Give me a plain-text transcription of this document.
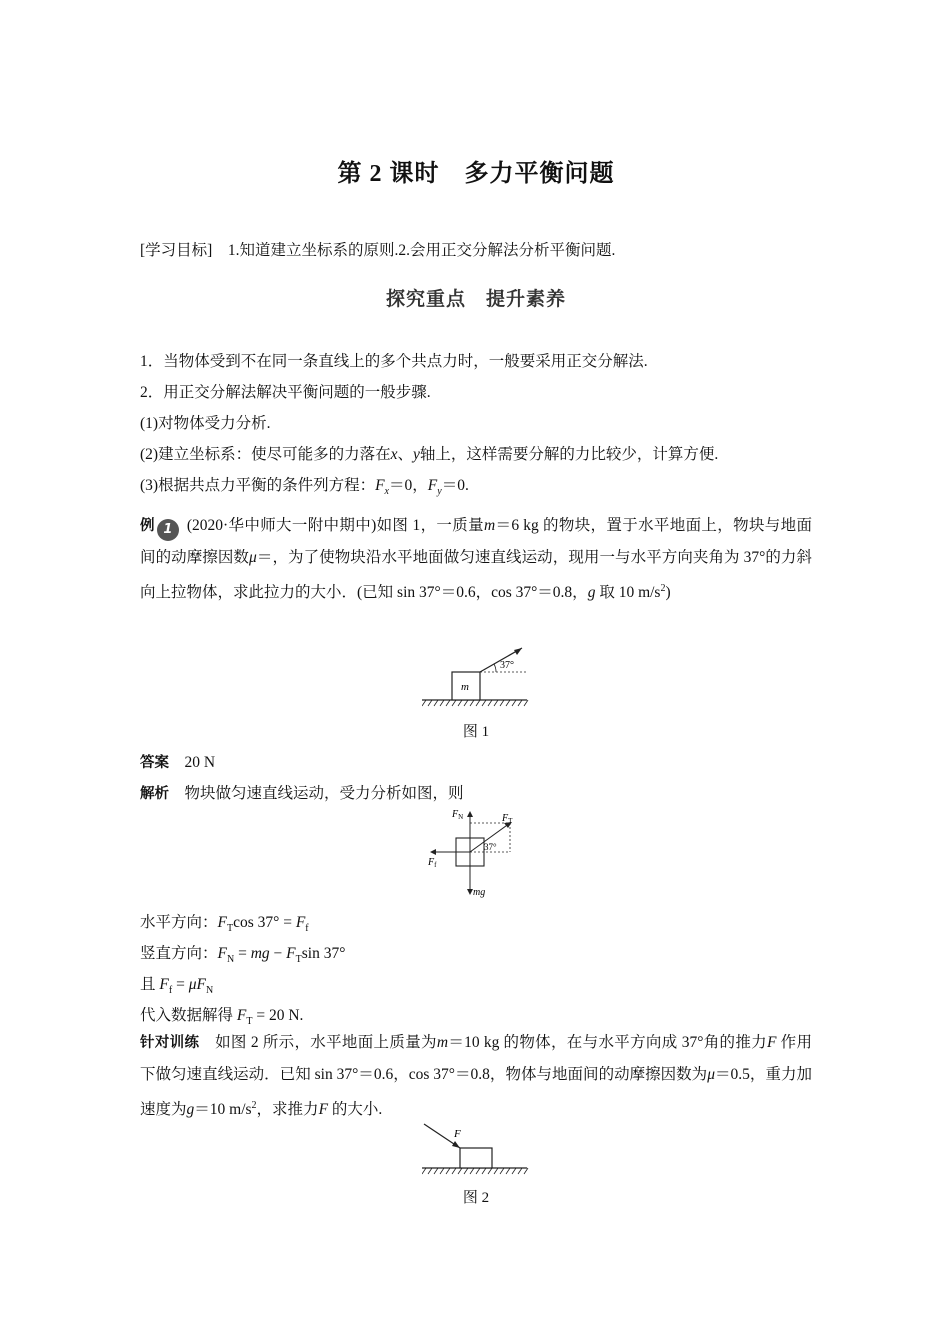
第 2 课时　多力平衡问题
[学习目标]　1.知道建立坐标系的原则.2.会用正交分解法分析平衡问题.
探究重点　提升素养
1．当物体受到不在同一条直线上的多个共点力时，一般要采用正交分解法.
2．用正交分解法解决平衡问题的一般步骤.
(1)对物体受力分析.
(2)建立坐标系：使尽可能多的力落在x、y轴上，这样需要分解的力比较少，计算方便.
(3)根据共点力平衡的条件列方程：$F_x=0$，$F_y=0$.
例 1 (2020·华中师大一附中期中)如图 1，一质量m＝6 kg 的物块，置于水平地面上，物块与地面间的动摩擦因数μ＝，为了使物块沿水平地面做匀速直线运动，现用一与水平方向夹角为 37°的力斜向上拉物体，求此拉力的大小．(已知 sin 37°＝0.6，cos 37°＝0.8，g 取 10 $m/s^2$)
m
37°
图 1
答案　 20 N
解析　 物块做匀速直线运动，受力分析如图，则
$F_N$
mg
$F_f$
$F_T$
37°
水平方向：$F_T\cos$ $37^\circ = F_f$
竖直方向：$F_N$ = mg − $F_T\sin$ 37°
且 $F_f = \mu F_N$
代入数据解得 $F_T = 20$ N.
针对训练　如图 2 所示，水平地面上质量为m＝10 kg 的物体，在与水平方向成 37°角的推力F 作用下做匀速直线运动．已知 sin 37°＝0.6，cos 37°＝0.8，物体与地面间的动摩擦因数为μ＝0.5，重力加速度为g＝10 $m/s^2$，求推力F 的大小.
F
图 2
